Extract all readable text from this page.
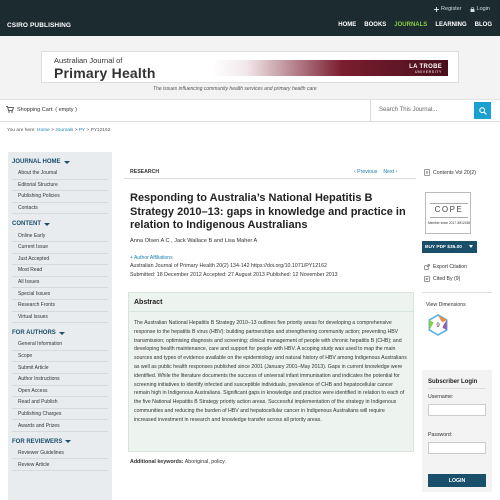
CSIRO PUBLISHING
Register	Login
HOME BOOKS JOURNALS LEARNING BLOG
Australian Journal of
Primary Health	LA TROBE
UNIVERSITY
The issues influencing community health services and primary health care
Shopping Cart: ( empty )	Search This Journal...
You are here: Home > Journals > PY > PY12162
JOURNAL HOME
About the Journal
Editorial Structure
Publishing Policies
Contacts
CONTENT
Online Early
Current Issue
Just Accepted
Most Read
All Issues
Special Issues
Research Fronts
Virtual Issues
FOR AUTHORS
General Information
Scope
Submit Article
Author Instructions
Open Access
Read and Publish
Publishing Charges
Awards and Prizes
FOR REVIEWERS
Reviewer Guidelines
Review Article
RESEARCH	‹ Previous Next ›
Responding to Australia’s National Hepatitis B Strategy 2010–13: gaps in knowledge and practice in relation to Indigenous Australians
Anna Olsen A C , Jack Wallace B and Lisa Maher A
+ Author Affiliations
Australian Journal of Primary Health 20(2) 134-142 https://doi.org/10.1071/PY12162
Submitted: 18 December 2012 Accepted: 27 August 2013 Published: 12 November 2013
Abstract
The Australian National Hepatitis B Strategy 2010–13 outlines five priority areas for developing a comprehensive response to the hepatitis B virus (HBV): building partnerships and strengthening community action; preventing HBV transmission; optimising diagnosis and screening; clinical management of people with chronic hepatitis B (CHB); and developing health maintenance, care and support for people with HBV. A scoping study was used to map the main sources and types of evidence available on the epidemiology and natural history of HBV among Indigenous Australians as well as public health responses published since 2001 (January 2001–May 2013). Gaps in current knowledge were identified. While the literature documents the success of universal infant immunisation and indicates the potential for screening initiatives to identify infected and susceptible individuals, prevalence of CHB and hepatocellular cancer remain high in Indigenous Australians. Significant gaps in knowledge and practice were identified in relation to each of the five National Hepatitis B Strategy priority action areas. Successful implementation of the strategy in Indigenous communities and reducing the burden of HBV and hepatocellular cancer in Indigenous Australians will require increased investment in research and knowledge transfer across all priority areas.
Additional keywords: Aboriginal, policy.
Contents Vol 20(2)
COPE
Member since 2017 JM12158
BUY PDF $35.00
Export Citation
Cited By (9)
View Dimensions
9
Subscriber Login
Username:
Password:
LOGIN
